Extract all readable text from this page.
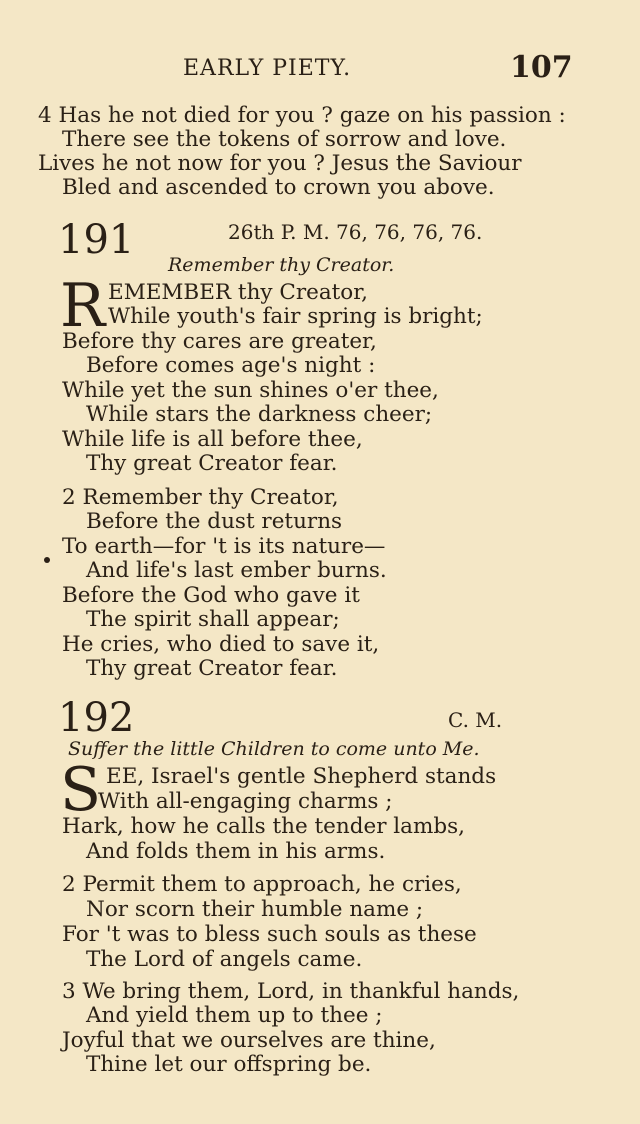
EARLY PIETY.	107
4 Has he not died for you ? gaze on his passion :
There see the tokens of sorrow and love.
Lives he not now for you ? Jesus the Saviour
Bled and ascended to crown you above.
191	26th P. M. 76, 76, 76, 76.
Remember thy Creator.
R EMEMBER thy Creator,
While youth's fair spring is bright;
Before thy cares are greater,
Before comes age's night :
While yet the sun shines o'er thee,
While stars the darkness cheer;
While life is all before thee,
Thy great Creator fear.
2 Remember thy Creator,
Before the dust returns
To earth—for 't is its nature—
And life's last ember burns.
Before the God who gave it
The spirit shall appear;
He cries, who died to save it,
Thy great Creator fear.
192	C. M.
Suffer the little Children to come unto Me.
S EE, Israel's gentle Shepherd stands
With all-engaging charms ;
Hark, how he calls the tender lambs,
And folds them in his arms.
2 Permit them to approach, he cries,
Nor scorn their humble name ;
For 't was to bless such souls as these
The Lord of angels came.
3 We bring them, Lord, in thankful hands,
And yield them up to thee ;
Joyful that we ourselves are thine,
Thine let our offspring be.
